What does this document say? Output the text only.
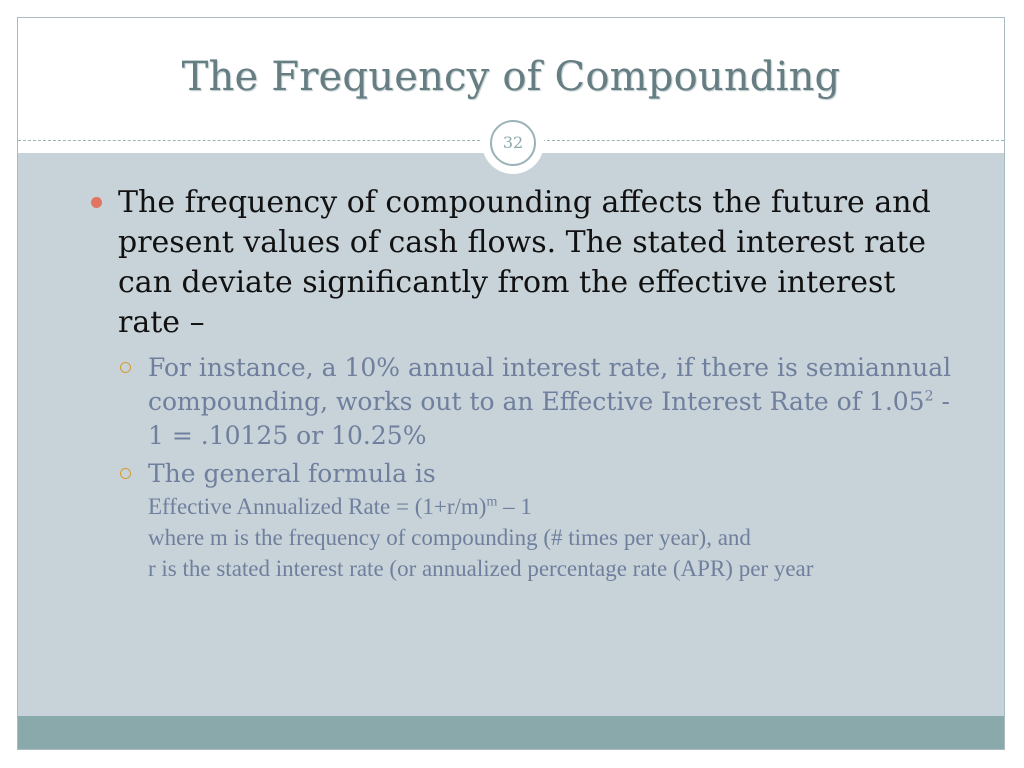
The Frequency of Compounding
32
The frequency of compounding affects the future and present values of cash flows. The stated interest rate can deviate significantly from the effective interest rate –
For instance, a 10% annual interest rate, if there is semiannual compounding, works out to an Effective Interest Rate of 1.05$^2$ - 1 = .10125 or 10.25%
The general formula is
Effective Annualized Rate = $(1+r/m)^m - 1$
where m is the frequency of compounding (# times per year), and
r is the stated interest rate (or annualized percentage rate (APR) per year
